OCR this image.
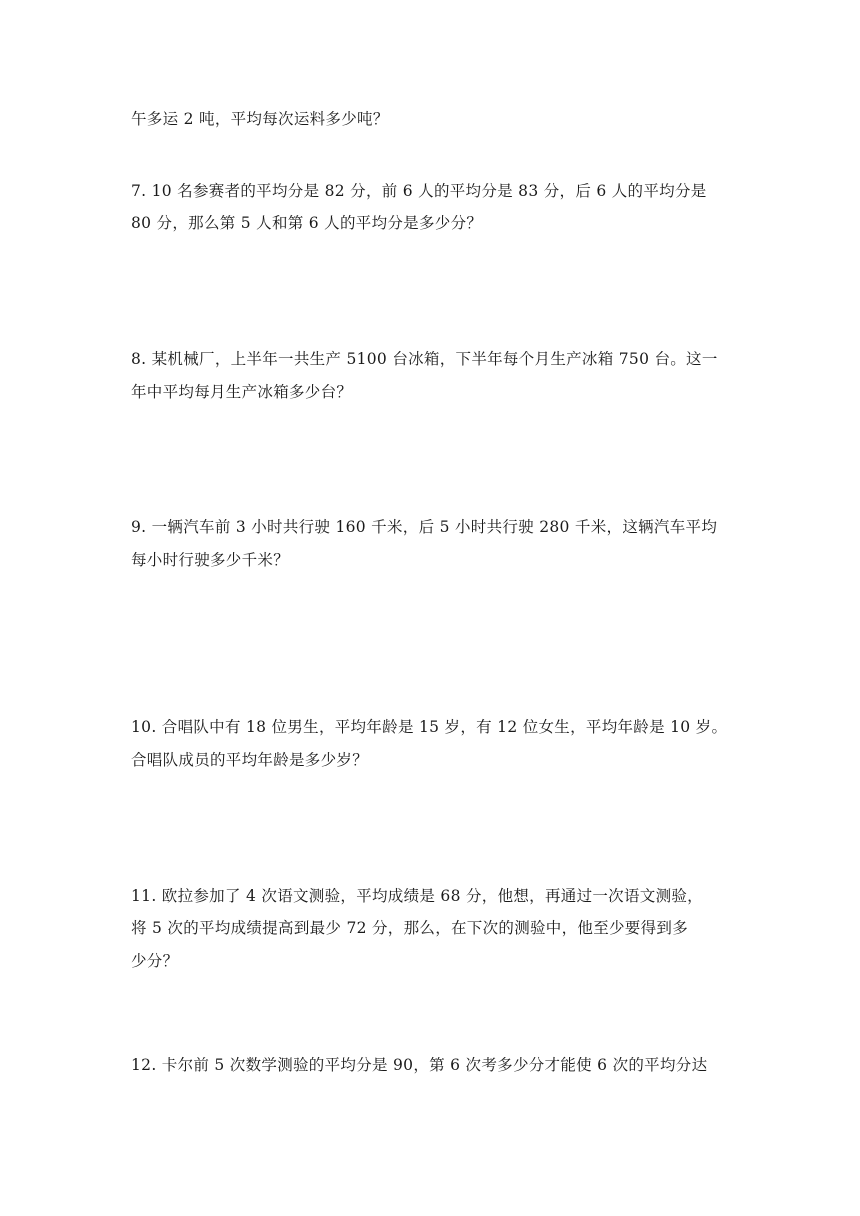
午多运 2 吨，平均每次运料多少吨？
7. 10 名参赛者的平均分是 82 分，前 6 人的平均分是 83 分，后 6 人的平均分是
80 分，那么第 5 人和第 6 人的平均分是多少分？
8. 某机械厂，上半年一共生产 5100 台冰箱，下半年每个月生产冰箱 750 台。这一
年中平均每月生产冰箱多少台？
9. 一辆汽车前 3 小时共行驶 160 千米，后 5 小时共行驶 280 千米，这辆汽车平均
每小时行驶多少千米？
10. 合唱队中有 18 位男生，平均年龄是 15 岁，有 12 位女生，平均年龄是 10 岁。
合唱队成员的平均年龄是多少岁？
11. 欧拉参加了 4 次语文测验，平均成绩是 68 分，他想，再通过一次语文测验，
将 5 次的平均成绩提高到最少 72 分，那么，在下次的测验中，他至少要得到多
少分？
12. 卡尔前 5 次数学测验的平均分是 90，第 6 次考多少分才能使 6 次的平均分达
